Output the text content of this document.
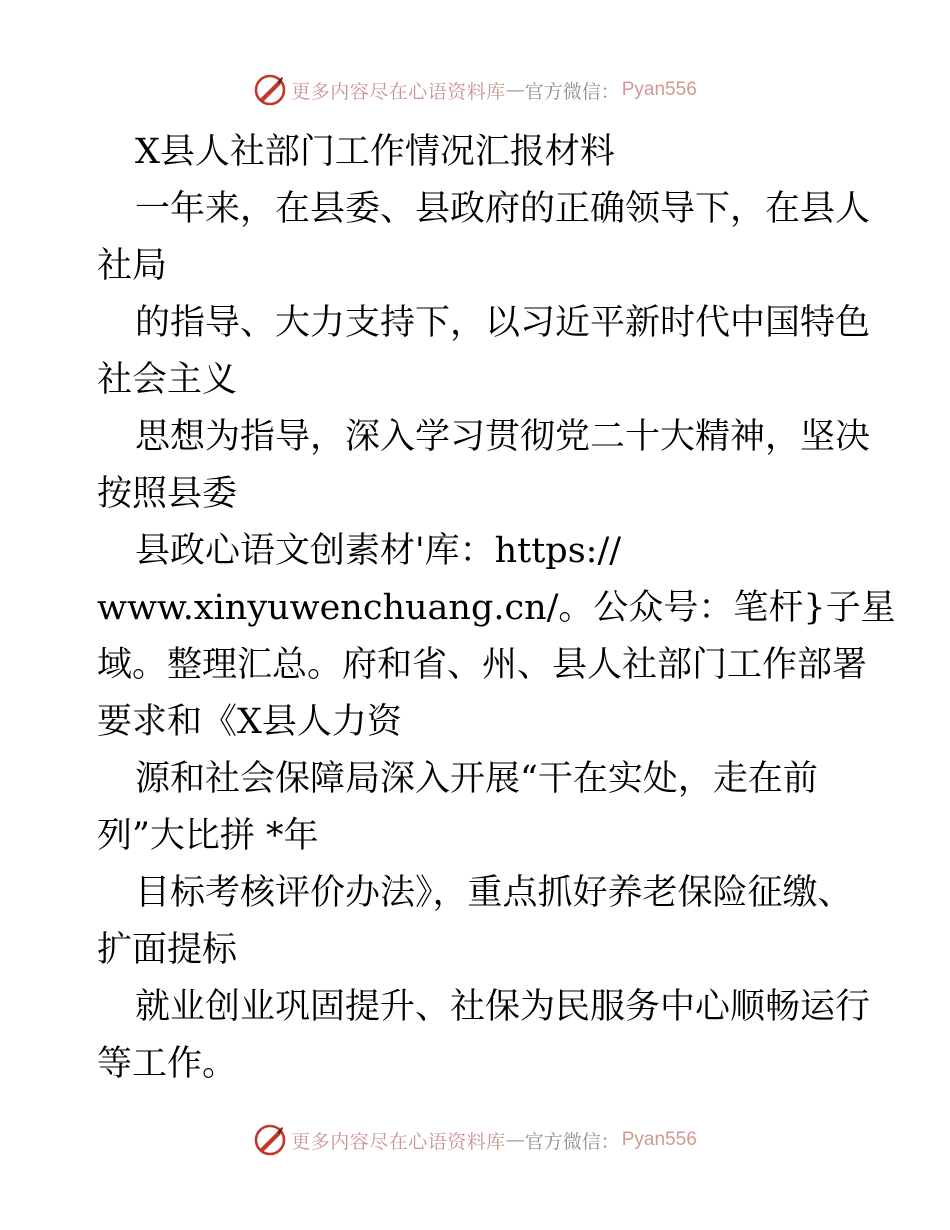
更多内容尽在心语资料库 — 官方微信： Pyan556
X县人社部门工作情况汇报材料
一年来，在县委、县政府的正确领导下，在县人
社局
的指导、大力支持下，以习近平新时代中国特色
社会主义
思想为指导，深入学习贯彻党二十大精神，坚决
按照县委
县政心语文创素材'库：https://
www.xinyuwenchuang.cn/。公众号：笔杆}子星
域。整理汇总。府和省、州、县人社部门工作部署
要求和《X县人力资
源和社会保障局深入开展“干在实处，走在前
列”大比拼 *年
目标考核评价办法》，重点抓好养老保险征缴、
扩面提标
就业创业巩固提升、社保为民服务中心顺畅运行
等工作。
更多内容尽在心语资料库 — 官方微信： Pyan556
